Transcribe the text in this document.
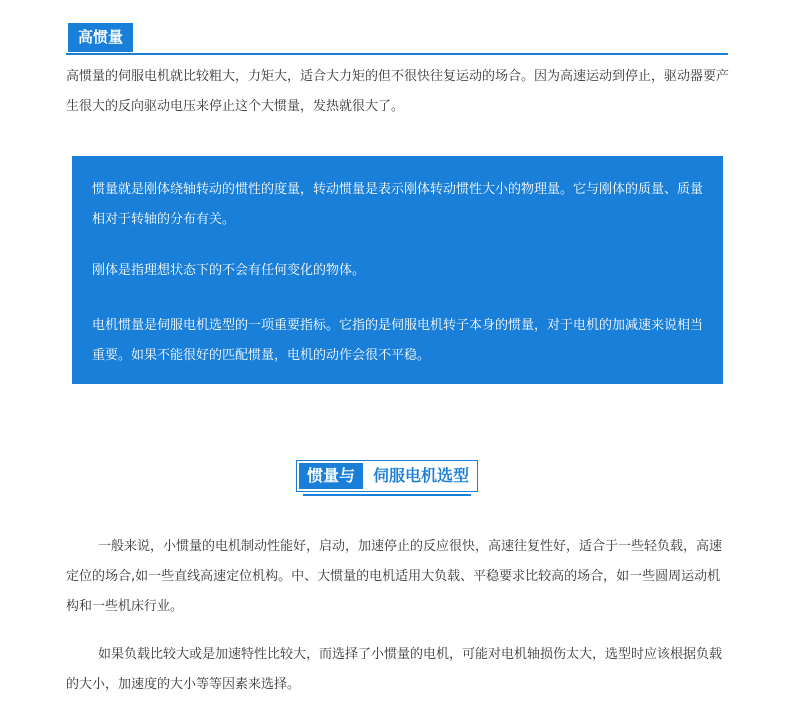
高惯量

高惯量的伺服电机就比较粗大，力矩大，适合大力矩的但不很快往复运动的场合。因为高速运动到停止，驱动器要产生很大的反向驱动电压来停止这个大惯量，发热就很大了。

惯量就是刚体绕轴转动的惯性的度量，转动惯量是表示刚体转动惯性大小的物理量。它与刚体的质量、质量相对于转轴的分布有关。

刚体是指理想状态下的不会有任何变化的物体。

电机惯量是伺服电机选型的一项重要指标。它指的是伺服电机转子本身的惯量，对于电机的加减速来说相当重要。如果不能很好的匹配惯量，电机的动作会很不平稳。

惯量与	伺服电机选型

一般来说，小惯量的电机制动性能好，启动，加速停止的反应很快，高速往复性好，适合于一些轻负载，高速定位的场合,如一些直线高速定位机构。中、大惯量的电机适用大负载、平稳要求比较高的场合，如一些圆周运动机构和一些机床行业。

如果负载比较大或是加速特性比较大，而选择了小惯量的电机，可能对电机轴损伤太大，选型时应该根据负载的大小，加速度的大小等等因素来选择。
